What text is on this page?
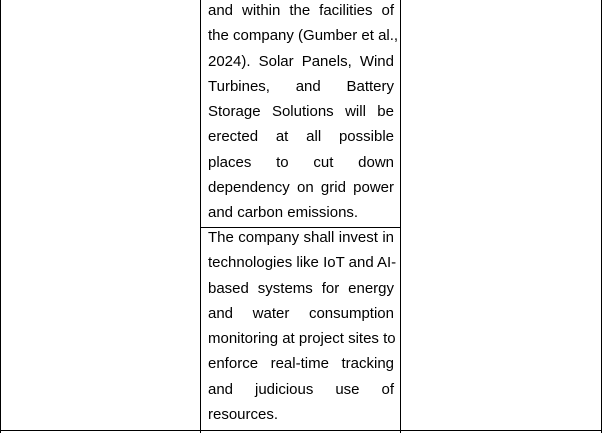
and within the facilities of
the company (Gumber et al.,
2024). Solar Panels, Wind
Turbines, and Battery
Storage Solutions will be
erected at all possible
places to cut down
dependency on grid power
and carbon emissions.
The company shall invest in
technologies like IoT and AI-
based systems for energy
and water consumption
monitoring at project sites to
enforce real-time tracking
and judicious use of
resources.
